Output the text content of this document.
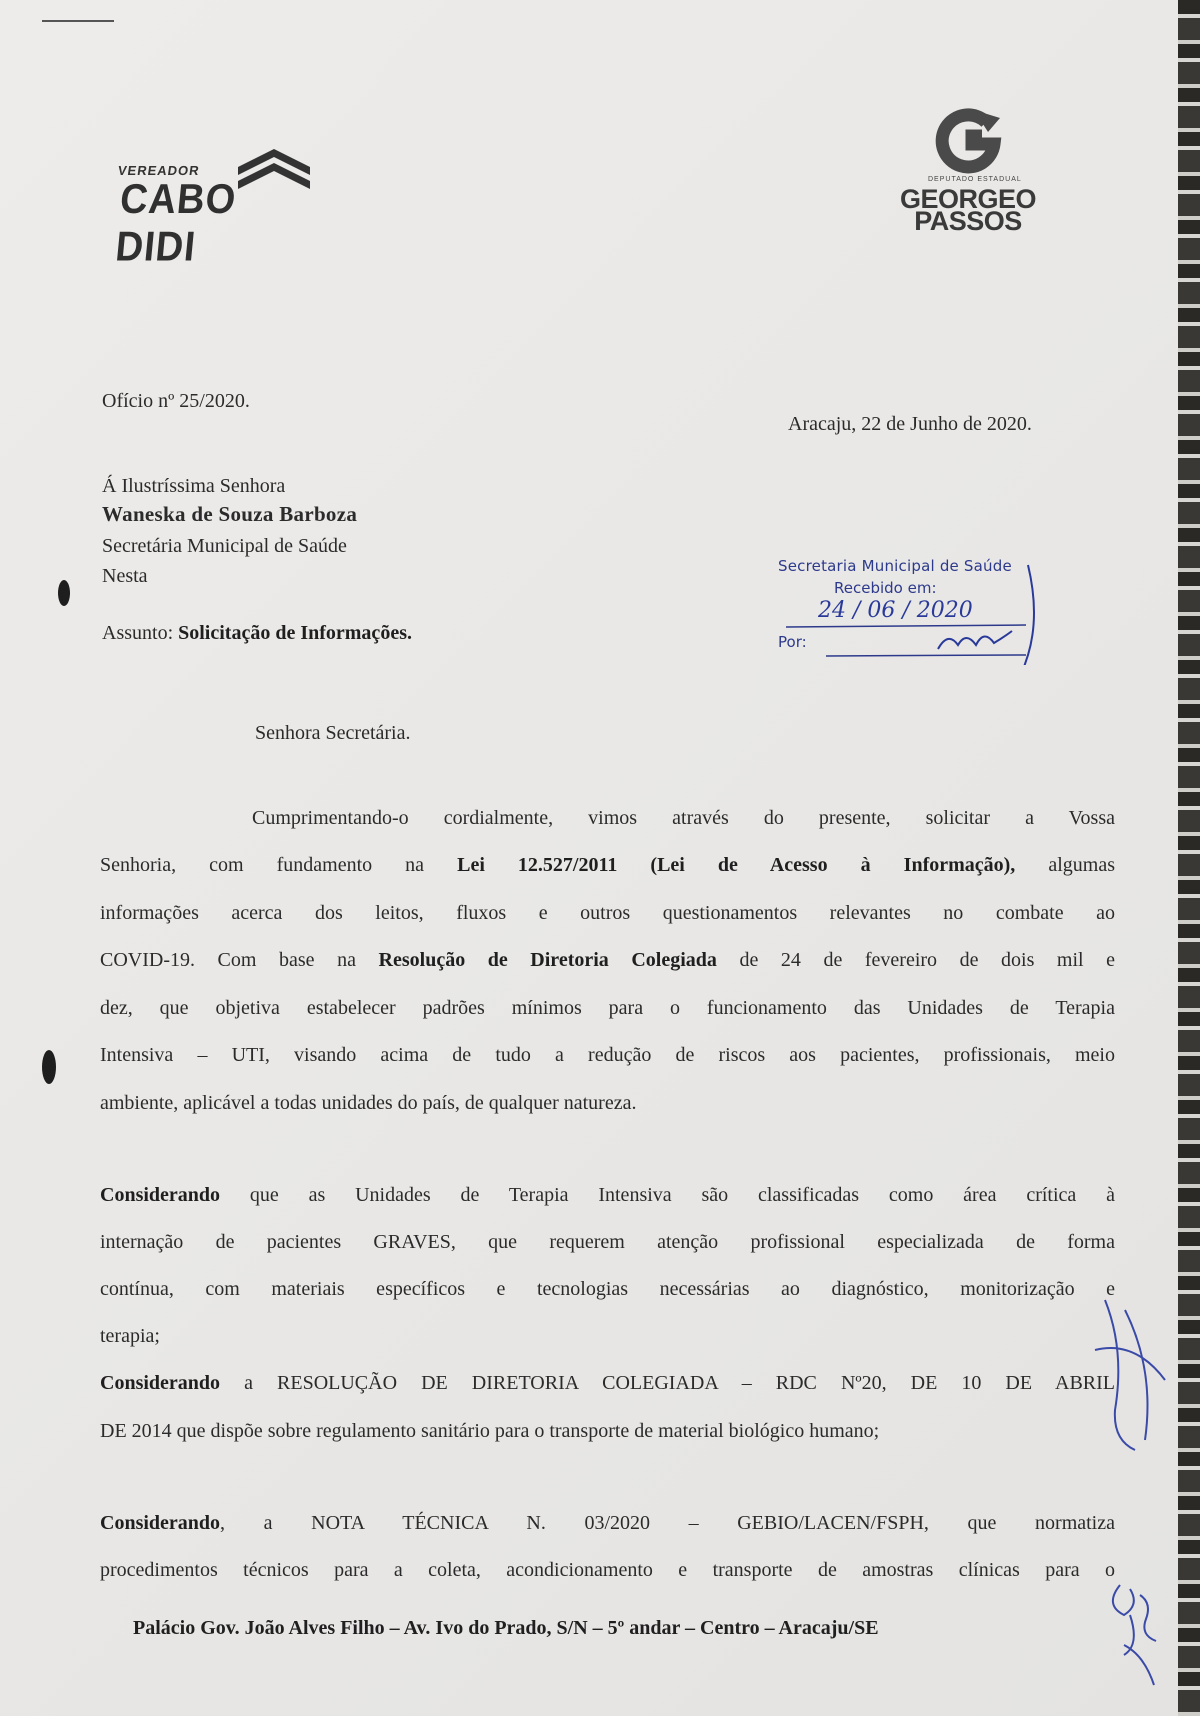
VEREADOR
CABO DIDI
DEPUTADO ESTADUAL
GEORGEO
PASSOS
Ofício nº 25/2020.
Aracaju, 22 de Junho de 2020.
Á Ilustríssima Senhora
Waneska de Souza Barboza
Secretária Municipal de Saúde
Nesta
Assunto: Solicitação de Informações.
Secretaria Municipal de Saúde
Recebido em:
24 / 06 / 2020
Por:
Senhora Secretária.
Cumprimentando-o cordialmente, vimos através do presente, solicitar a Vossa
Senhoria, com fundamento na Lei 12.527/2011 (Lei de Acesso à Informação), algumas
informações acerca dos leitos, fluxos e outros questionamentos relevantes no combate ao
COVID-19. Com base na Resolução de Diretoria Colegiada de 24 de fevereiro de dois mil e
dez, que objetiva estabelecer padrões mínimos para o funcionamento das Unidades de Terapia
Intensiva – UTI, visando acima de tudo a redução de riscos aos pacientes, profissionais, meio
ambiente, aplicável a todas unidades do país, de qualquer natureza.
Considerando que as Unidades de Terapia Intensiva são classificadas como área crítica à
internação de pacientes GRAVES, que requerem atenção profissional especializada de forma
contínua, com materiais específicos e tecnologias necessárias ao diagnóstico, monitorização e
terapia;
Considerando a RESOLUÇÃO DE DIRETORIA COLEGIADA – RDC Nº20, DE 10 DE ABRIL
DE 2014 que dispõe sobre regulamento sanitário para o transporte de material biológico humano;
Considerando, a NOTA TÉCNICA N. 03/2020 – GEBIO/LACEN/FSPH, que normatiza
procedimentos técnicos para a coleta, acondicionamento e transporte de amostras clínicas para o
Palácio Gov. João Alves Filho – Av. Ivo do Prado, S/N – 5º andar – Centro – Aracaju/SE
